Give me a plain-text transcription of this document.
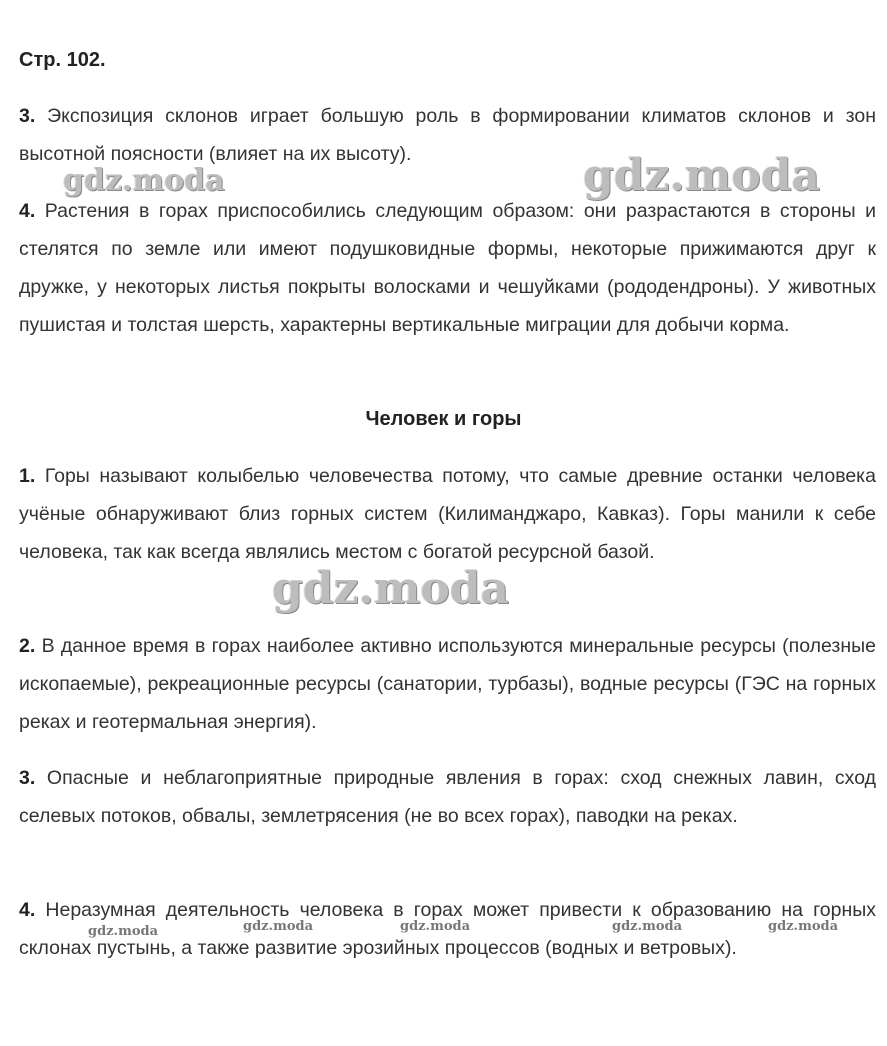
Стр. 102.

3. Экспозиция склонов играет большую роль в формировании климатов склонов и зон высотной поясности (влияет на их высоту).

4. Растения в горах приспособились следующим образом: они разрастаются в стороны и стелятся по земле или имеют подушковидные формы, некоторые прижимаются друг к дружке, у некоторых листья покрыты волосками и чешуйками (рододендроны). У животных пушистая и толстая шерсть, характерны вертикальные миграции для добычи корма.

Человек и горы

1. Горы называют колыбелью человечества потому, что самые древние останки человека учёные обнаруживают близ горных систем (Килиманджаро, Кавказ). Горы манили к себе человека, так как всегда являлись местом с богатой ресурсной базой.

2. В данное время в горах наиболее активно используются минеральные ресурсы (полезные ископаемые), рекреационные ресурсы (санатории, турбазы), водные ресурсы (ГЭС на горных реках и геотермальная энергия).

3. Опасные и неблагоприятные природные явления в горах: сход снежных лавин, сход селевых потоков, обвалы, землетрясения (не во всех горах), паводки на реках.

4. Неразумная деятельность человека в горах может привести к образованию на горных склонах пустынь, а также развитие эрозийных процессов (водных и ветровых).

gdz.moda	gdz.moda
gdz.moda
gdz.moda	gdz.moda	gdz.moda	gdz.moda	gdz.moda
